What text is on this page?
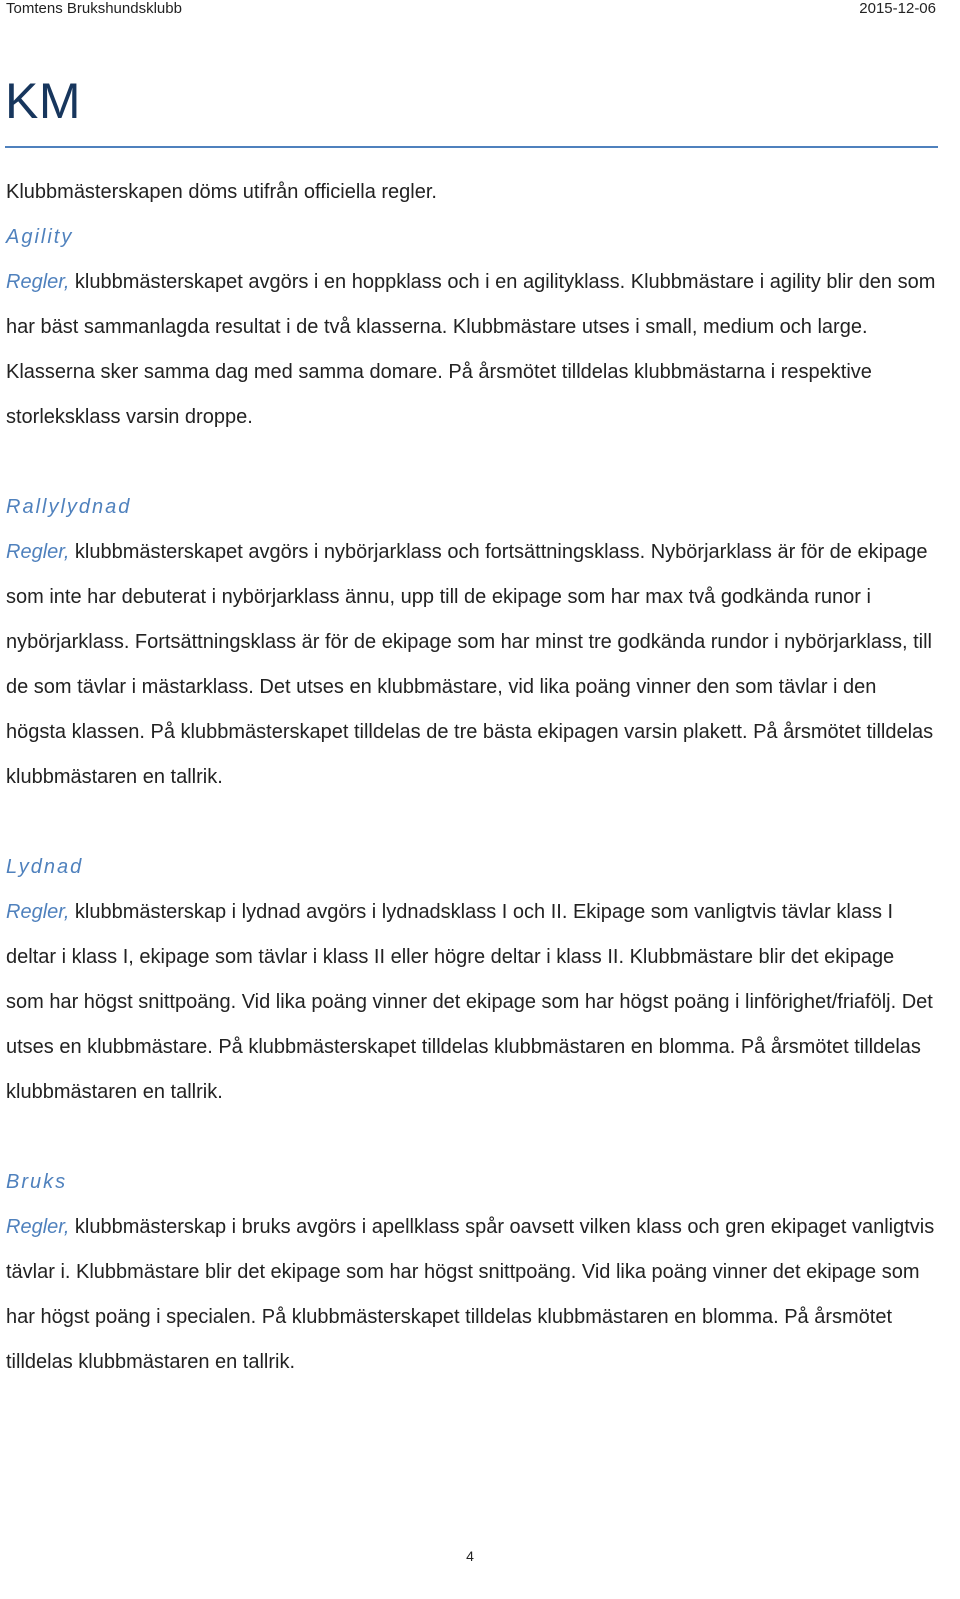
Tomtens Brukshundsklubb	2015-12-06
KM

Klubbmästerskapen döms utifrån officiella regler.

Agility

Regler, klubbmästerskapet avgörs i en hoppklass och i en agilityklass. Klubbmästare i agility blir den som har bäst sammanlagda resultat i de två klasserna. Klubbmästare utses i small, medium och large. Klasserna sker samma dag med samma domare. På årsmötet tilldelas klubbmästarna i respektive storleksklass varsin droppe.

Rallylydnad

Regler, klubbmästerskapet avgörs i nybörjarklass och fortsättningsklass. Nybörjarklass är för de ekipage som inte har debuterat i nybörjarklass ännu, upp till de ekipage som har max två godkända runor i nybörjarklass. Fortsättningsklass är för de ekipage som har minst tre godkända rundor i nybörjarklass, till de som tävlar i mästarklass. Det utses en klubbmästare, vid lika poäng vinner den som tävlar i den högsta klassen. På klubbmästerskapet tilldelas de tre bästa ekipagen varsin plakett. På årsmötet tilldelas klubbmästaren en tallrik.

Lydnad

Regler, klubbmästerskap i lydnad avgörs i lydnadsklass I och II. Ekipage som vanligtvis tävlar klass I deltar i klass I, ekipage som tävlar i klass II eller högre deltar i klass II. Klubbmästare blir det ekipage som har högst snittpoäng. Vid lika poäng vinner det ekipage som har högst poäng i linförighet/friafölj. Det utses en klubbmästare. På klubbmästerskapet tilldelas klubbmästaren en blomma. På årsmötet tilldelas klubbmästaren en tallrik.

Bruks

Regler, klubbmästerskap i bruks avgörs i apellklass spår oavsett vilken klass och gren ekipaget vanligtvis tävlar i. Klubbmästare blir det ekipage som har högst snittpoäng. Vid lika poäng vinner det ekipage som har högst poäng i specialen. På klubbmästerskapet tilldelas klubbmästaren en blomma. På årsmötet tilldelas klubbmästaren en tallrik.

4
